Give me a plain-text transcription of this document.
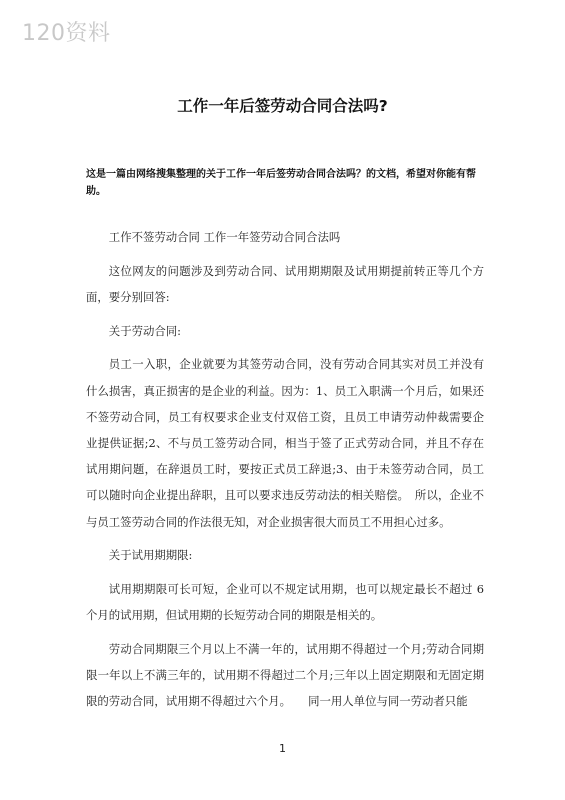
120资料
工作一年后签劳动合同合法吗?
这是一篇由网络搜集整理的关于工作一年后签劳动合同合法吗？的文档，希望对你能有帮助。

工作不签劳动合同 工作一年签劳动合同合法吗

这位网友的问题涉及到劳动合同、试用期期限及试用期提前转正等几个方面，要分别回答:

关于劳动合同:

员工一入职，企业就要为其签劳动合同，没有劳动合同其实对员工并没有什么损害，真正损害的是企业的利益。因为：1、员工入职满一个月后，如果还不签劳动合同，员工有权要求企业支付双倍工资，且员工申请劳动仲裁需要企业提供证据;2、不与员工签劳动合同，相当于签了正式劳动合同，并且不存在试用期问题，在辞退员工时，要按正式员工辞退;3、由于未签劳动合同，员工可以随时向企业提出辞职，且可以要求违反劳动法的相关赔偿。　所以，企业不与员工签劳动合同的作法很无知，对企业损害很大而员工不用担心过多。

关于试用期期限:

试用期期限可长可短，企业可以不规定试用期，也可以规定最长不超过 6 个月的试用期，但试用期的长短劳动合同的期限是相关的。

劳动合同期限三个月以上不满一年的，试用期不得超过一个月;劳动合同期限一年以上不满三年的，试用期不得超过二个月;三年以上固定期限和无固定期限的劳动合同，试用期不得超过六个月。　　同一用人单位与同一劳动者只能

1
